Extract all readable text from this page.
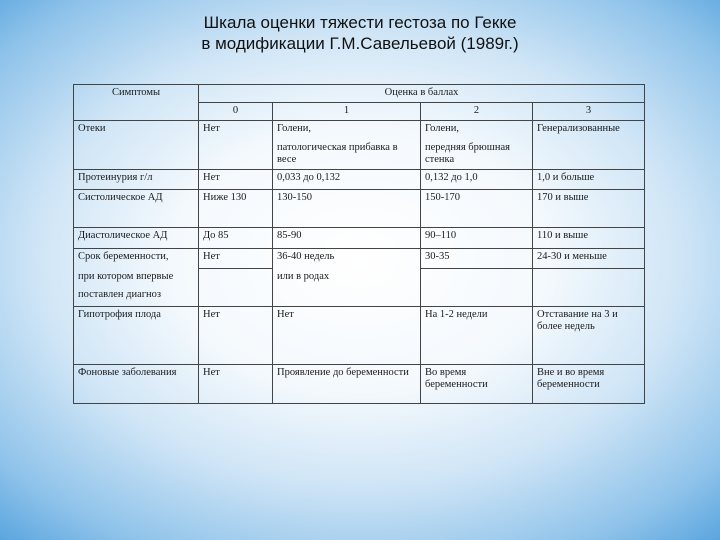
Шкала оценки тяжести гестоза по Гекке
в модификации Г.М.Савельевой (1989г.)
Симптомы	Оценка в баллах			
	0	1	2	3
Отеки	Нет	Голени,	Голени,	Генерализованные
		патологическая прибавка в весе	передняя брюшная стенка	
Протеинурия г/л	Нет	0,033 до 0,132	0,132 до 1,0	1,0 и больше
Систолическое АД	Ниже 130	130-150	150-170	170 и выше
Диастолическое АД	До 85	85-90	90–110	110 и выше
Срок беременности,	Нет	36-40 недель	30-35	24-30 и меньше
при котором впервые		или в родах		
поставлен диагноз				
Гипотрофия плода	Нет	Нет	На 1-2 недели	Отставание на 3 и более недель
Фоновые заболевания	Нет	Проявление до беременности	Во время беременности	Вне и во время беременности
